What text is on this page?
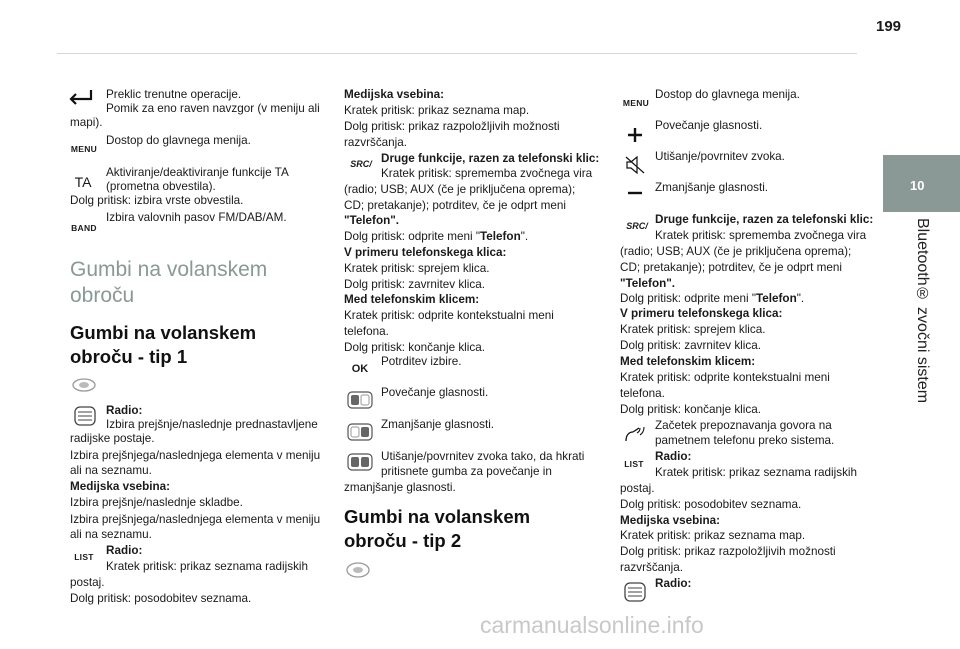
199
10
Bluetooth® zvočni sistem
Preklic trenutne operacije.
Pomik za eno raven navzgor (v meniju ali
mapi).
MENU
Dostop do glavnega menija.
TA
Aktiviranje/deaktiviranje funkcije TA
(prometna obvestila).
Dolg pritisk: izbira vrste obvestila.
BAND
Izbira valovnih pasov FM/DAB/AM.
Gumbi na volanskem
obroču
Gumbi na volanskem
obroču - tip 1
Radio:
Izbira prejšnje/naslednje prednastavljene
radijske postaje.
Izbira prejšnjega/naslednjega elementa v meniju
ali na seznamu.
Medijska vsebina:
Izbira prejšnje/naslednje skladbe.
Izbira prejšnjega/naslednjega elementa v meniju
ali na seznamu.
LIST	Radio:
Kratek pritisk: prikaz seznama radijskih
postaj.
Dolg pritisk: posodobitev seznama.
Medijska vsebina:
Kratek pritisk: prikaz seznama map.
Dolg pritisk: prikaz razpoložljivih možnosti
razvrščanja.
SRC / Druge funkcije, razen za telefonski klic:
Kratek pritisk: sprememba zvočnega vira
(radio; USB; AUX (če je priključena oprema);
CD; pretakanje); potrditev, če je odprt meni
"Telefon".
Dolg pritisk: odprite meni "Telefon".
V primeru telefonskega klica:
Kratek pritisk: sprejem klica.
Dolg pritisk: zavrnitev klica.
Med telefonskim klicem:
Kratek pritisk: odprite kontekstualni meni
telefona.
Dolg pritisk: končanje klica.
OK
Potrditev izbire.
Povečanje glasnosti.
Zmanjšanje glasnosti.
Utišanje/povrnitev zvoka tako, da hkrati
pritisnete gumba za povečanje in
zmanjšanje glasnosti.
Gumbi na volanskem
obroču - tip 2
MENU
Dostop do glavnega menija.
Povečanje glasnosti.
Utišanje/povrnitev zvoka.
Zmanjšanje glasnosti.
SRC / Druge funkcije, razen za telefonski klic:
Kratek pritisk: sprememba zvočnega vira
(radio; USB; AUX (če je priključena oprema);
CD; pretakanje); potrditev, če je odprt meni
"Telefon".
Dolg pritisk: odprite meni "Telefon".
V primeru telefonskega klica:
Kratek pritisk: sprejem klica.
Dolg pritisk: zavrnitev klica.
Med telefonskim klicem:
Kratek pritisk: odprite kontekstualni meni
telefona.
Dolg pritisk: končanje klica.
Začetek prepoznavanja govora na
pametnem telefonu preko sistema.
LIST
Radio:
Kratek pritisk: prikaz seznama radijskih
postaj.
Dolg pritisk: posodobitev seznama.
Medijska vsebina:
Kratek pritisk: prikaz seznama map.
Dolg pritisk: prikaz razpoložljivih možnosti
razvrščanja.
Radio:
carmanualsonline.info
